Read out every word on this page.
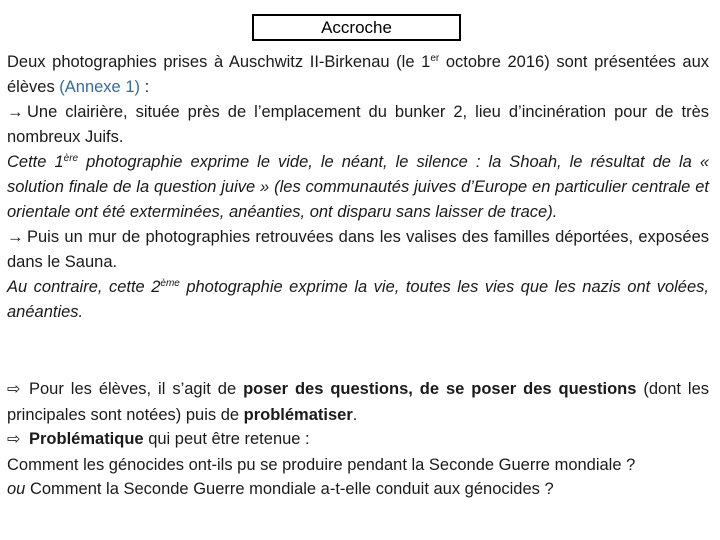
Accroche

Deux photographies prises à Auschwitz II-Birkenau (le 1er octobre 2016) sont présentées aux élèves (Annexe 1) :

→ Une clairière, située près de l’emplacement du bunker 2, lieu d’incinération pour de très nombreux Juifs.

Cette 1ère photographie exprime le vide, le néant, le silence : la Shoah, le résultat de la « solution finale de la question juive » (les communautés juives d’Europe en particulier centrale et orientale ont été exterminées, anéanties, ont disparu sans laisser de trace).

→ Puis un mur de photographies retrouvées dans les valises des familles déportées, exposées dans le Sauna.

Au contraire, cette 2ème photographie exprime la vie, toutes les vies que les nazis ont volées, anéanties.

⇨ Pour les élèves, il s’agit de poser des questions, de se poser des questions (dont les principales sont notées) puis de problématiser.

⇨ Problématique qui peut être retenue :

Comment les génocides ont-ils pu se produire pendant la Seconde Guerre mondiale ?

ou Comment la Seconde Guerre mondiale a-t-elle conduit aux génocides ?
